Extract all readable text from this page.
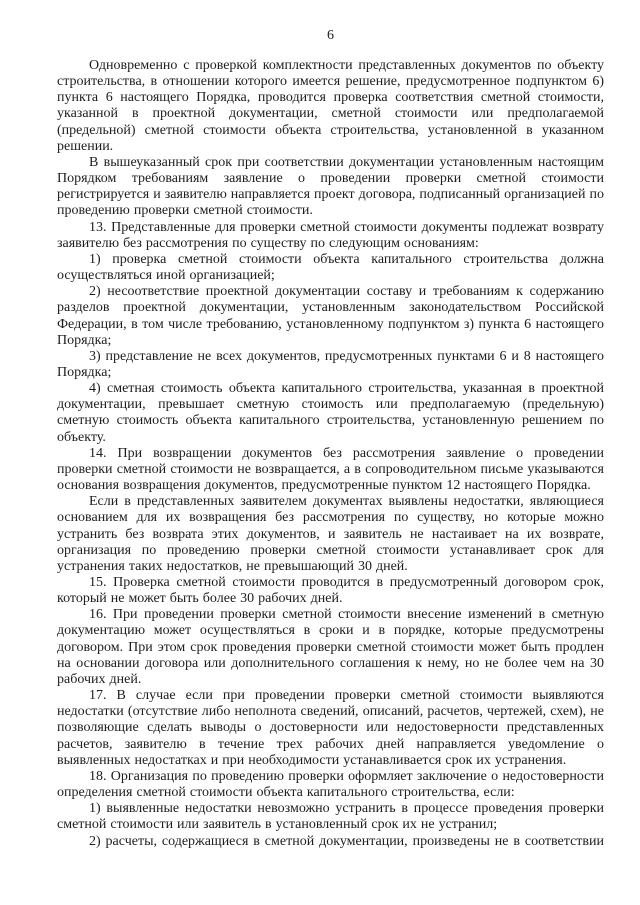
6

Одновременно с проверкой комплектности представленных документов по объекту строительства, в отношении которого имеется решение, предусмотренное подпунктом 6) пункта 6 настоящего Порядка, проводится проверка соответствия сметной стоимости, указанной в проектной документации, сметной стоимости или предполагаемой (предельной) сметной стоимости объекта строительства, установленной в указанном решении.

В вышеуказанный срок при соответствии документации установленным настоящим Порядком требованиям заявление о проведении проверки сметной стоимости регистрируется и заявителю направляется проект договора, подписанный организацией по проведению проверки сметной стоимости.

13. Представленные для проверки сметной стоимости документы подлежат возврату заявителю без рассмотрения по существу по следующим основаниям:

1) проверка сметной стоимости объекта капитального строительства должна осуществляться иной организацией;

2) несоответствие проектной документации составу и требованиям к содержанию разделов проектной документации, установленным законодательством Российской Федерации, в том числе требованию, установленному подпунктом з) пункта 6 настоящего Порядка;

3) представление не всех документов, предусмотренных пунктами 6 и 8 настоящего Порядка;

4) сметная стоимость объекта капитального строительства, указанная в проектной документации, превышает сметную стоимость или предполагаемую (предельную) сметную стоимость объекта капитального строительства, установленную решением по объекту.

14. При возвращении документов без рассмотрения заявление о проведении проверки сметной стоимости не возвращается, а в сопроводительном письме указываются основания возвращения документов, предусмотренные пунктом 12 настоящего Порядка.

Если в представленных заявителем документах выявлены недостатки, являющиеся основанием для их возвращения без рассмотрения по существу, но которые можно устранить без возврата этих документов, и заявитель не настаивает на их возврате, организация по проведению проверки сметной стоимости устанавливает срок для устранения таких недостатков, не превышающий 30 дней.

15. Проверка сметной стоимости проводится в предусмотренный договором срок, который не может быть более 30 рабочих дней.

16. При проведении проверки сметной стоимости внесение изменений в сметную документацию может осуществляться в сроки и в порядке, которые предусмотрены договором. При этом срок проведения проверки сметной стоимости может быть продлен на основании договора или дополнительного соглашения к нему, но не более чем на 30 рабочих дней.

17. В случае если при проведении проверки сметной стоимости выявляются недостатки (отсутствие либо неполнота сведений, описаний, расчетов, чертежей, схем), не позволяющие сделать выводы о достоверности или недостоверности представленных расчетов, заявителю в течение трех рабочих дней направляется уведомление о выявленных недостатках и при необходимости устанавливается срок их устранения.

18. Организация по проведению проверки оформляет заключение о недостоверности определения сметной стоимости объекта капитального строительства, если:

1) выявленные недостатки невозможно устранить в процессе проведения проверки сметной стоимости или заявитель в установленный срок их не устранил;

2) расчеты, содержащиеся в сметной документации, произведены не в соответствии
